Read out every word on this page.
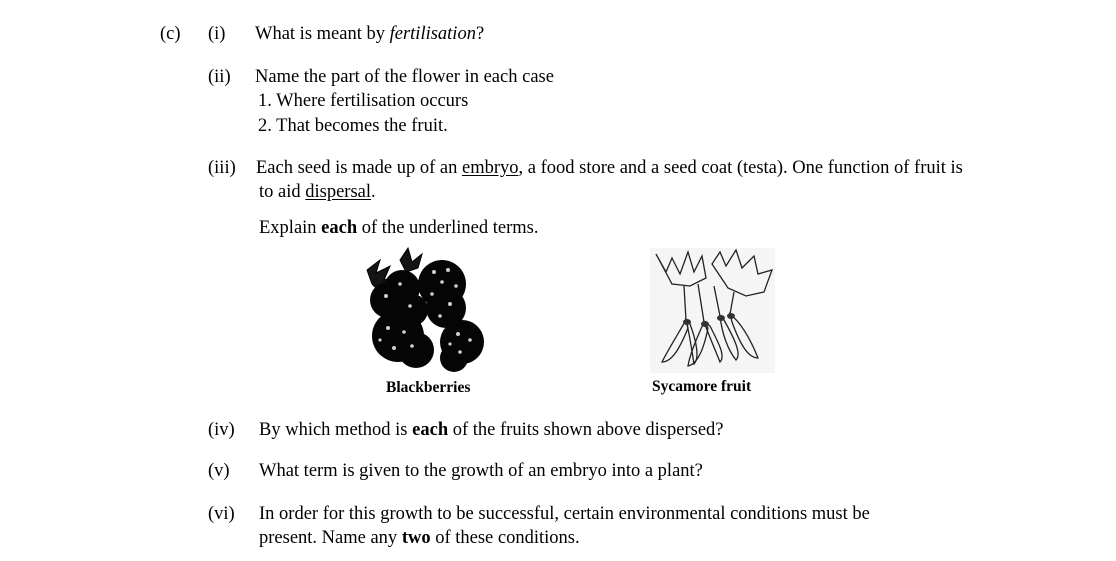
(c) (i) What is meant by fertilisation?
(ii) Name the part of the flower in each case
1. Where fertilisation occurs
2. That becomes the fruit.
(iii) Each seed is made up of an embryo, a food store and a seed coat (testa). One function of fruit is
to aid dispersal.
Explain each of the underlined terms.
Blackberries	Sycamore fruit
(iv) By which method is each of the fruits shown above dispersed?
(v) What term is given to the growth of an embryo into a plant?
(vi) In order for this growth to be successful, certain environmental conditions must be
present. Name any two of these conditions.
